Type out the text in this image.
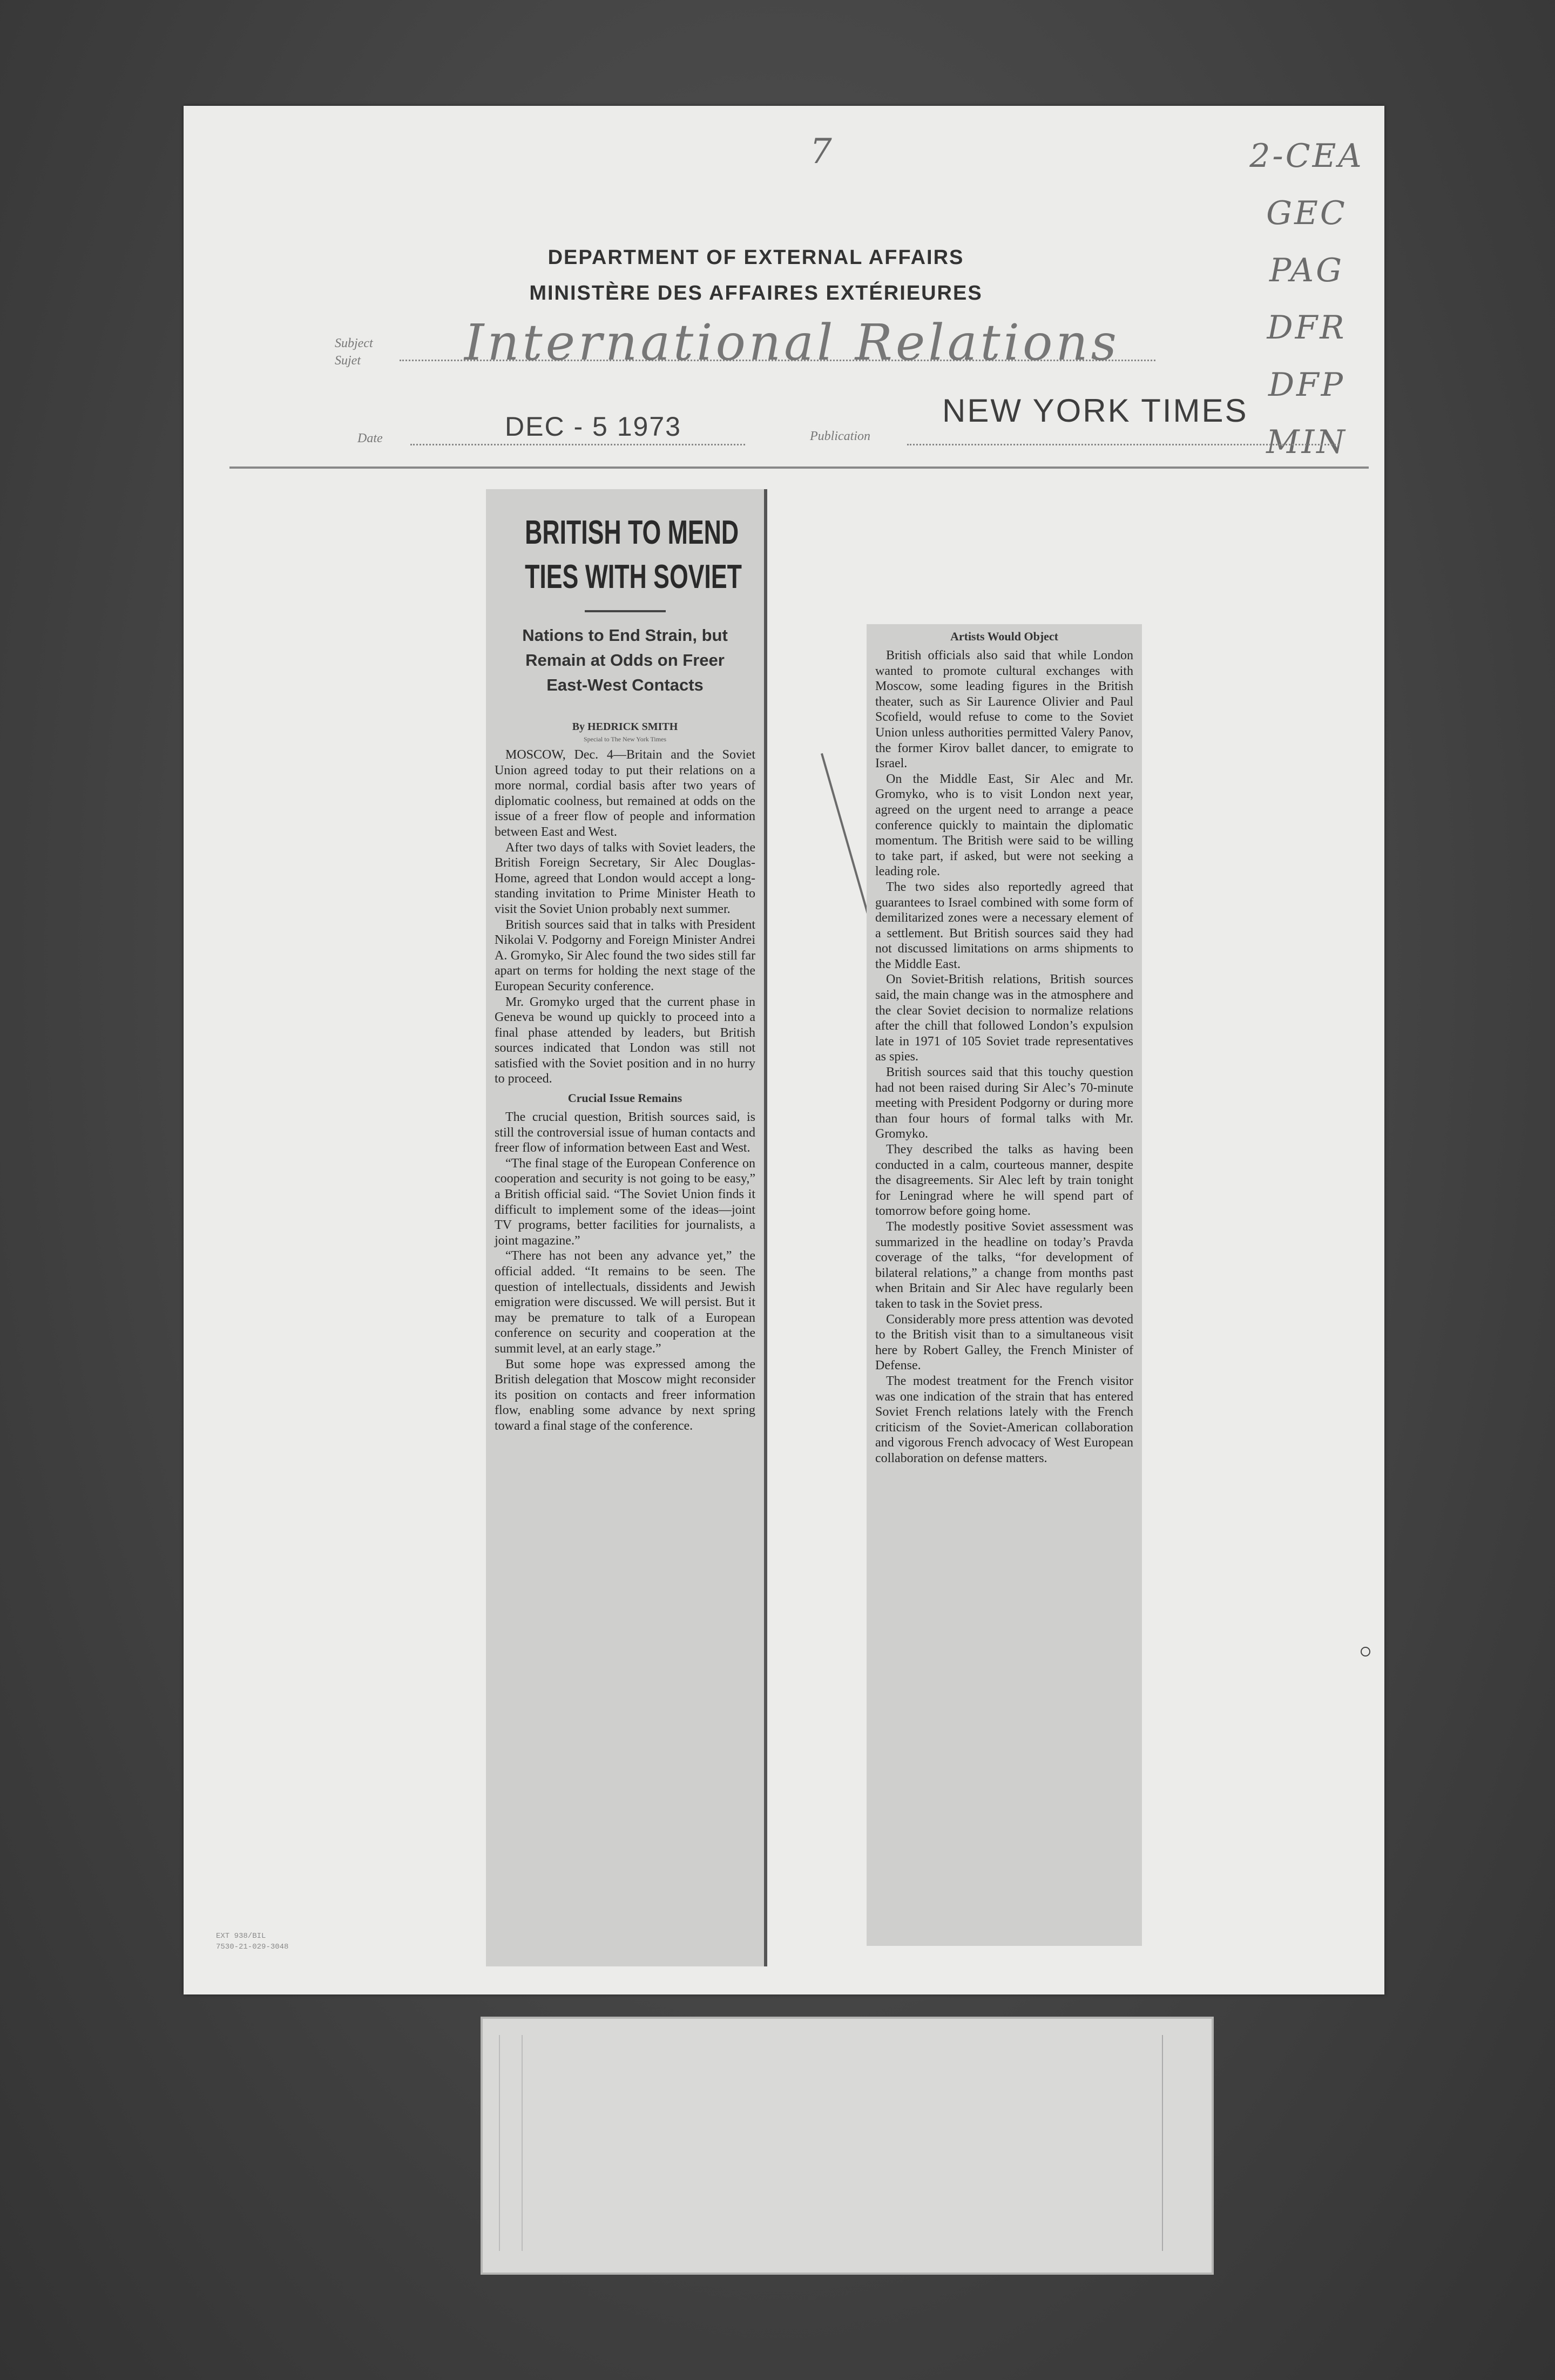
7	2-CEA
GEC
PAG
DFR
DFP
MIN
DEPARTMENT OF EXTERNAL AFFAIRS
MINISTÈRE DES AFFAIRES EXTÉRIEURES
Subject
Sujet International Relations
Date	DEC - 5 1973	Publication
NEW YORK TIMES
BRITISH TO MEND
TIES WITH SOVIET
Nations to End Strain, but Remain at Odds on Freer East-West Contacts
By HEDRICK SMITH
Special to The New York Times

MOSCOW, Dec. 4—Britain and the Soviet Union agreed today to put their relations on a more normal, cordial basis after two years of diplomatic coolness, but remained at odds on the issue of a freer flow of people and information between East and West.

After two days of talks with Soviet leaders, the British Foreign Secretary, Sir Alec Douglas-Home, agreed that London would accept a long-standing invitation to Prime Minister Heath to visit the Soviet Union probably next summer.

British sources said that in talks with President Nikolai V. Podgorny and Foreign Minister Andrei A. Gromyko, Sir Alec found the two sides still far apart on terms for holding the next stage of the European Security conference.

Mr. Gromyko urged that the current phase in Geneva be wound up quickly to proceed into a final phase attended by leaders, but British sources indicated that London was still not satisfied with the Soviet position and in no hurry to proceed.

Crucial Issue Remains

The crucial question, British sources said, is still the controversial issue of human contacts and freer flow of information between East and West.

“The final stage of the European Conference on cooperation and security is not going to be easy,” a British official said. “The Soviet Union finds it difficult to implement some of the ideas—joint TV programs, better facilities for journalists, a joint magazine.”

“There has not been any advance yet,” the official added. “It remains to be seen. The question of intellectuals, dissidents and Jewish emigration were discussed. We will persist. But it may be premature to talk of a European conference on security and cooperation at the summit level, at an early stage.”

But some hope was expressed among the British delegation that Moscow might reconsider its position on contacts and freer information flow, enabling some advance by next spring toward a final stage of the conference.

Artists Would Object

British officials also said that while London wanted to promote cultural exchanges with Moscow, some leading figures in the British theater, such as Sir Laurence Olivier and Paul Scofield, would refuse to come to the Soviet Union unless authorities permitted Valery Panov, the former Kirov ballet dancer, to emigrate to Israel.

On the Middle East, Sir Alec and Mr. Gromyko, who is to visit London next year, agreed on the urgent need to arrange a peace conference quickly to maintain the diplomatic momentum. The British were said to be willing to take part, if asked, but were not seeking a leading role.

The two sides also reportedly agreed that guarantees to Israel combined with some form of demilitarized zones were a necessary element of a settlement. But British sources said they had not discussed limitations on arms shipments to the Middle East.

On Soviet-British relations, British sources said, the main change was in the atmosphere and the clear Soviet decision to normalize relations after the chill that followed London’s expulsion late in 1971 of 105 Soviet trade representatives as spies.

British sources said that this touchy question had not been raised during Sir Alec’s 70-minute meeting with President Podgorny or during more than four hours of formal talks with Mr. Gromyko.

They described the talks as having been conducted in a calm, courteous manner, despite the disagreements. Sir Alec left by train tonight for Leningrad where he will spend part of tomorrow before going home.

The modestly positive Soviet assessment was summarized in the headline on today’s Pravda coverage of the talks, “for development of bilateral relations,” a change from months past when Britain and Sir Alec have regularly been taken to task in the Soviet press.

Considerably more press attention was devoted to the British visit than to a simultaneous visit here by Robert Galley, the French Minister of Defense.

The modest treatment for the French visitor was one indication of the strain that has entered Soviet French relations lately with the French criticism of the Soviet-American collaboration and vigorous French advocacy of West European collaboration on defense matters.

EXT 938/BIL
7530-21-029-3048
